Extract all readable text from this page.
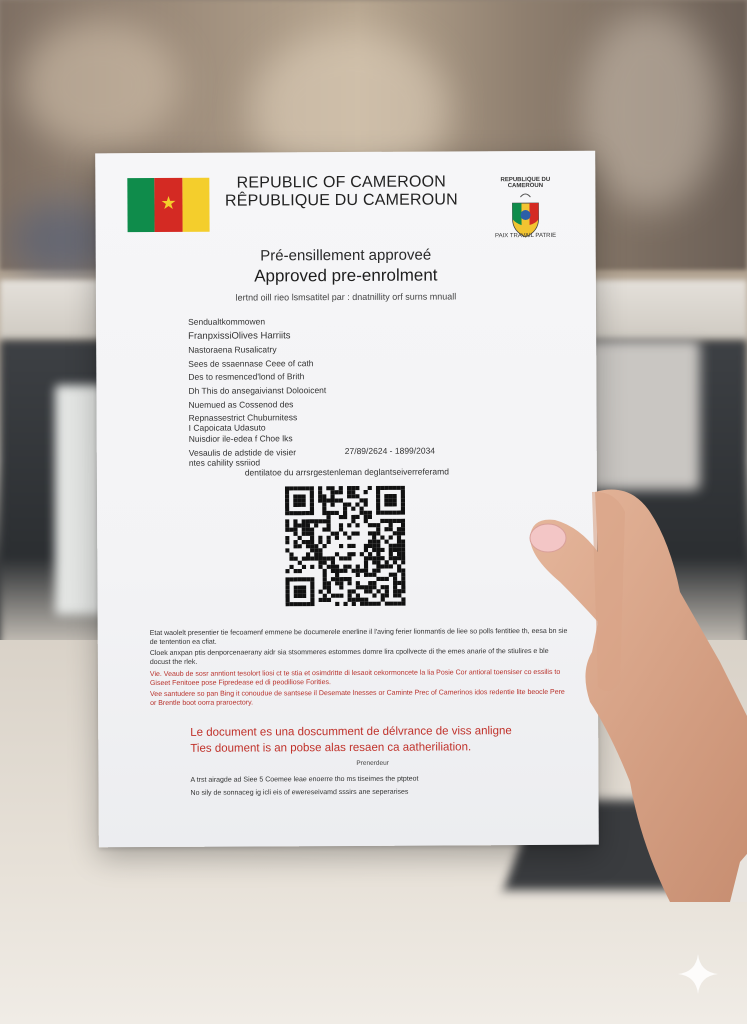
★
REPUBLIC OF CAMEROON
RÊPUBLIQUE DU CAMEROUN
REPUBLIQUE DU CAMEROUN
PAIX TRAVAIL PATRIE
Pré-ensillement approveé
Approved pre-enrolment
lertnd oill rieo lsmsatitel par : dnatnillity orf surns mnuall
Sendualtkommowen
FranpxissiOlives Harriits
Nastoraena Rusalicatry
Sees de ssaennase Ceee of cath
Des to resmenced'lond of Brith
Dh This do ansegaivianst Dolooicent
Nuemued as Cossenod des
Repnassestrict Chuburnitess
I Capoicata Udasuto
Nuisdior ile-edea f Choe lks
Vesaulis de adstide de visier
ntes cahility ssriiod
27/89/2624 - 1899/2034
dentilatoe du arrsrgestenleman deglantseiverreferamd
Etat waolelt presentier tie fecoamenf emmene be documerele enerline il l'aving ferier lionmantis de liee so polls fentitiee th, eesa bn sie de tentention ea cfiat.
Cloek anxpan ptis denporcenaerany aidr sia stsommeres estommes domre lira cpollvecte di the emes anarie of the stiulires e ble docust the rlek.
Vie. Veaub de sosr anntiont tesolort liosi ct te stia et osimdritte di lesaoit cekormoncete la lia Posie Cor antioral toensiser co essilis to Giseet Fenitoee pose Fipredease ed di peodiliose Forities.
Vee santudere so pan Bing it conoudue de santsese il Desemate lnesses or Caminte Prec of Camerinos idos redentie lite beocle Pere or Brentle boot oorra praroectory.
Le document es una doscumment de délvrance de viss anligne
Ties doument is an pobse alas resaen ca aatheriliation.
Prenerdeur
A trst airagde ad Siee 5 Coemee leae enoerre tho ms tiseimes the ptpteot
No sily de sonnaceg ig icli eis of ewereseivamd sssirs ane seperarises
